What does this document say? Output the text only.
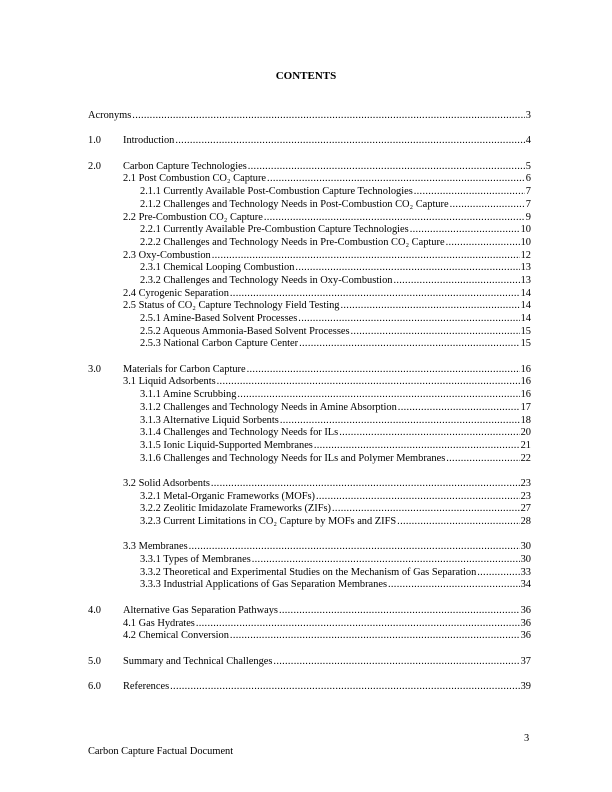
CONTENTS
Acronyms .....	3
1.0	Introduction .....	4
2.0	Carbon Capture Technologies .....	5
2.1 Post Combustion CO₂ Capture .....	6
2.1.1 Currently Available Post-Combustion Capture Technologies .....	7
2.1.2 Challenges and Technology Needs in Post-Combustion CO₂ Capture .....	7
2.2 Pre-Combustion CO₂ Capture .....	9
2.2.1 Currently Available Pre-Combustion Capture Technologies .....	10
2.2.2 Challenges and Technology Needs in Pre-Combustion CO₂ Capture .....	10
2.3 Oxy-Combustion .....	12
2.3.1 Chemical Looping Combustion .....	13
2.3.2 Challenges and Technology Needs in Oxy-Combustion .....	13
2.4 Cyrogenic Separation .....	14
2.5 Status of CO₂ Capture Technology Field Testing .....	14
2.5.1 Amine-Based Solvent Processes .....	14
2.5.2 Aqueous Ammonia-Based Solvent Processes .....	15
2.5.3 National Carbon Capture Center .....	15
3.0	Materials for Carbon Capture .....	16
3.1 Liquid Adsorbents .....	16
3.1.1 Amine Scrubbing .....	16
3.1.2 Challenges and Technology Needs in Amine Absorption .....	17
3.1.3 Alternative Liquid Sorbents .....	18
3.1.4 Challenges and Technology Needs for ILs .....	20
3.1.5 Ionic Liquid-Supported Membranes .....	21
3.1.6 Challenges and Technology Needs for ILs and Polymer Membranes .....	22
3.2 Solid Adsorbents .....	23
3.2.1 Metal-Organic Frameworks (MOFs) .....	23
3.2.2 Zeolitic Imidazolate Frameworks (ZIFs) .....	27
3.2.3 Current Limitations in CO₂ Capture by MOFs and ZIFS .....	28
3.3 Membranes .....	30
3.3.1 Types of Membranes .....	30
3.3.2 Theoretical and Experimental Studies on the Mechanism of Gas Separation .....	33
3.3.3 Industrial Applications of Gas Separation Membranes .....	34
4.0	Alternative Gas Separation Pathways .....	36
4.1 Gas Hydrates .....	36
4.2 Chemical Conversion .....	36
5.0	Summary and Technical Challenges .....	37
6.0	References .....	39
3
Carbon Capture Factual Document
